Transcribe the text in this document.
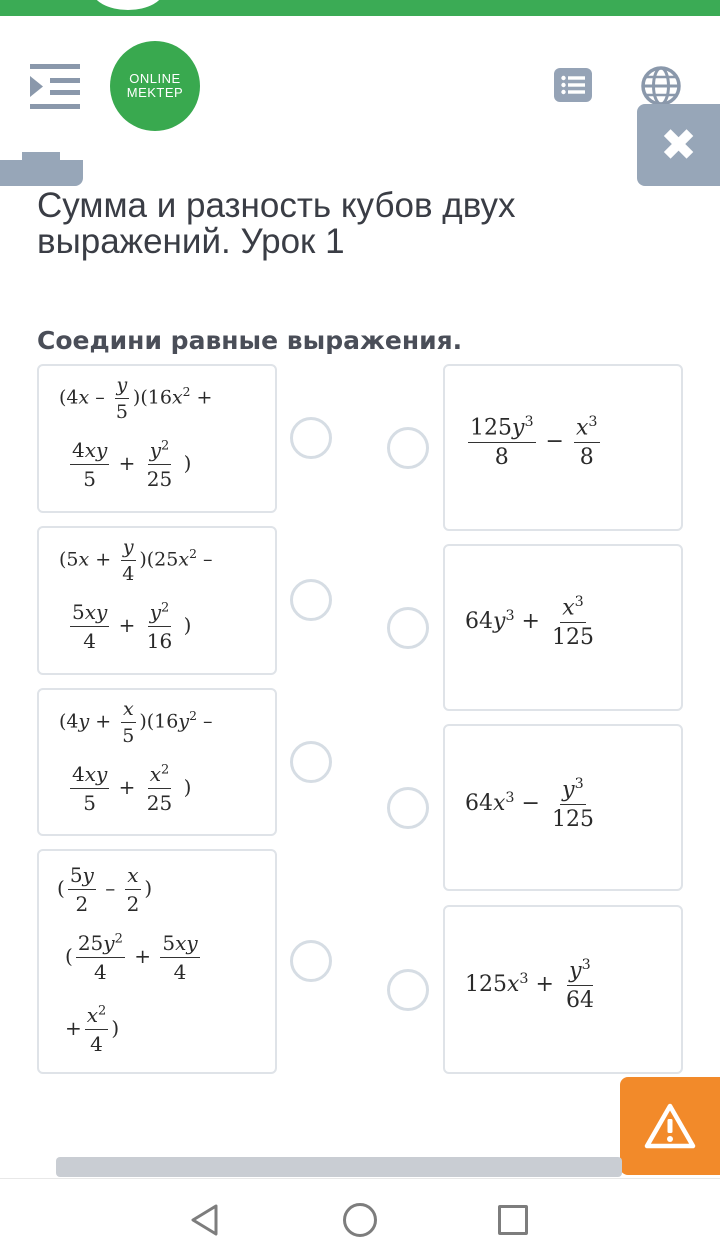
ONLINE
MEKTEP
✖
Сумма и разность кубов двух выражений. Урок 1
Соедини равные выражения.
$(4x - \frac{y}{5} )(16x^2$ +
$\frac{4xy}{5} + \frac{y^2}{25}$ )
$(5x + \frac{y}{4} )(25x^2$ –
$\frac{5xy}{4} + \frac{y^2}{16}$ )
$(4y + \frac{x}{5} )(16y^2$ –
$\frac{4xy}{5} + \frac{x^2}{25}$ )
( $\frac{5y}{2} - \frac{x}{2}$ )
( $\frac{25y^2}{4} + \frac{5xy}{4}$
+ $\frac{x^2}{4}$ )
$\frac{125y^3}{8} - \frac{x^3}{8}$
$64y^3 + \frac{x^3}{125}$
$64x^3 - \frac{y^3}{125}$
$125x^3 + \frac{y^3}{64}$
